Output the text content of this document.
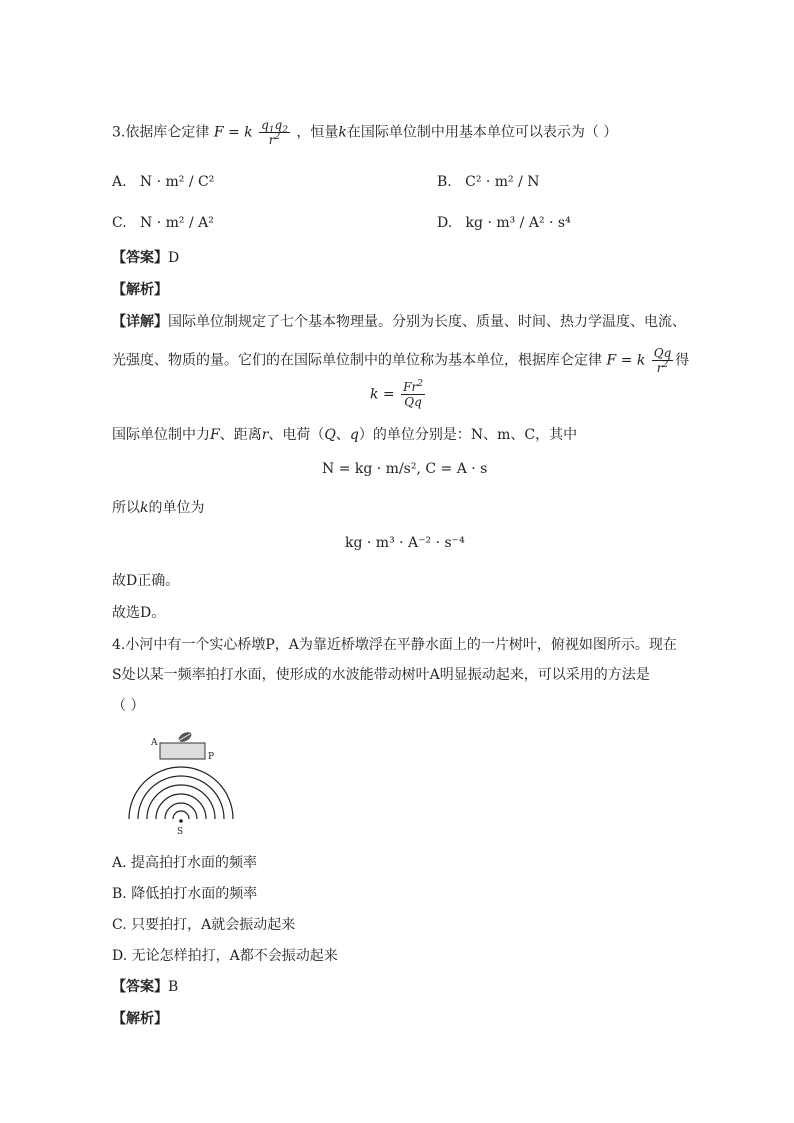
3.依据库仑定律 F = k $\frac{q_1q_2}{r^2}$ ，恒量k在国际单位制中用基本单位可以表示为（ ）
A. N · m² / C²	B. C² · m² / N
C. N · m² / A²	D. kg · m³ / A² · s⁴
【答案】D
【解析】
【详解】国际单位制规定了七个基本物理量。分别为长度、质量、时间、热力学温度、电流、
光强度、物质的量。它们的在国际单位制中的单位称为基本单位，根据库仑定律 F = k $\frac{Qq}{r^2}$ 得
$k = \frac{Fr^2}{Qq}$
国际单位制中力F、距离r、电荷（Q、q）的单位分别是：N、m、C，其中
N = kg · m/s², C = A · s
所以k的单位为
kg · m³ · A⁻² · s⁻⁴
故D正确。
故选D。
4.小河中有一个实心桥墩P，A为靠近桥墩浮在平静水面上的一片树叶，俯视如图所示。现在
S处以某一频率拍打水面，使形成的水波能带动树叶A明显振动起来，可以采用的方法是
（ ）
A
P
S
A. 提高拍打水面的频率
B. 降低拍打水面的频率
C. 只要拍打，A就会振动起来
D. 无论怎样拍打，A都不会振动起来
【答案】B
【解析】
